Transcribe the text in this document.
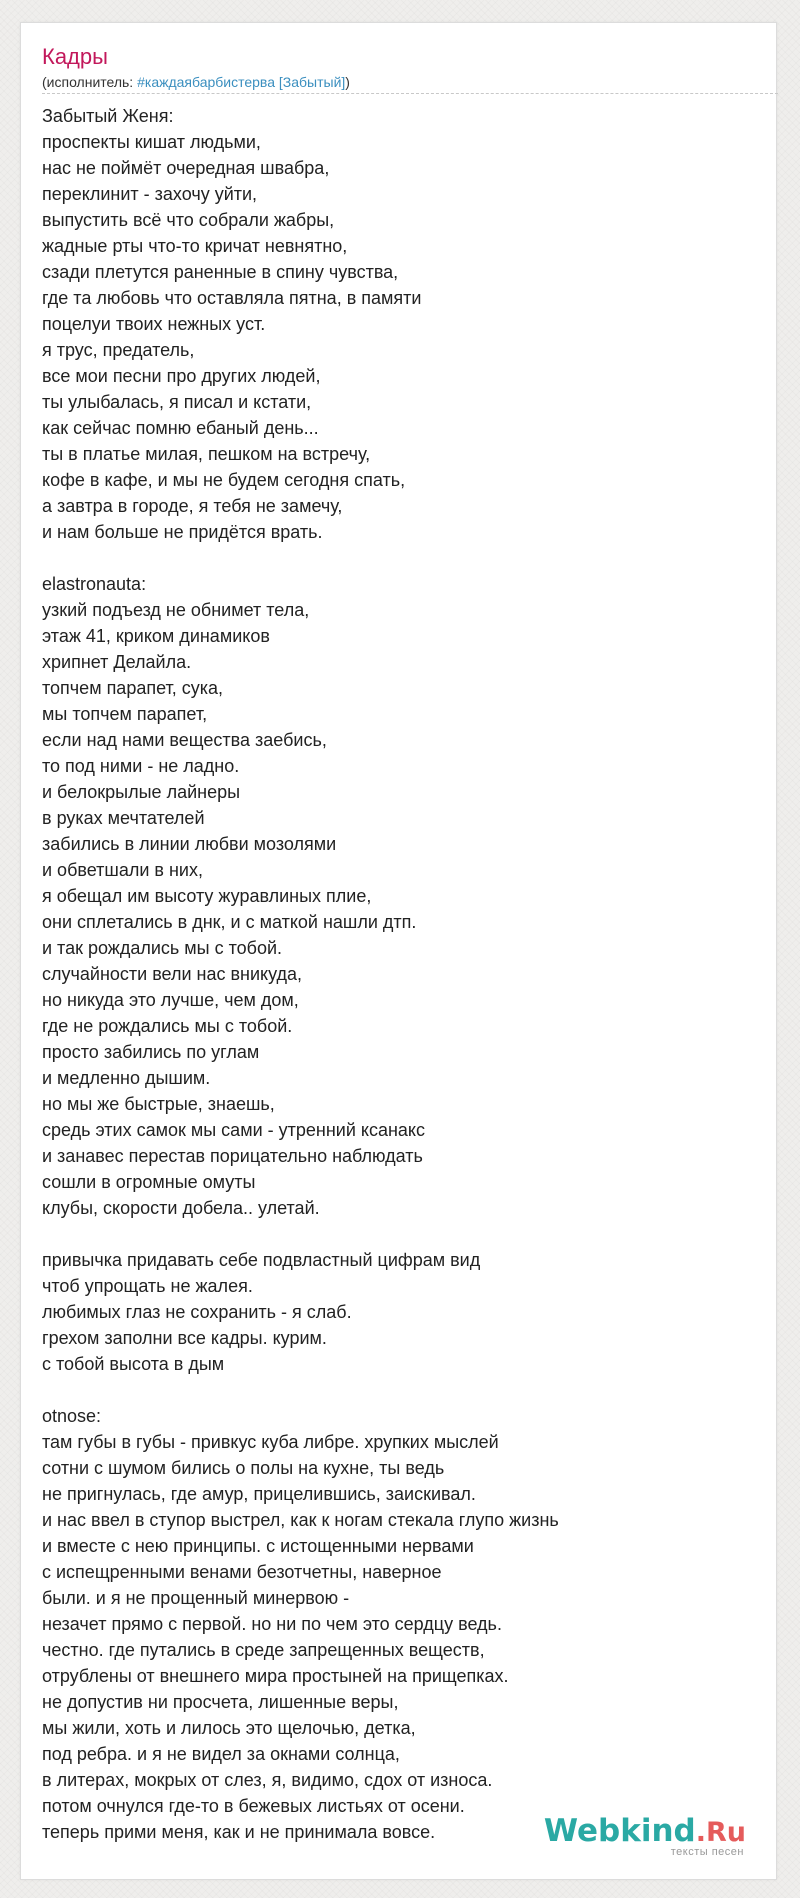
Кадры
(исполнитель: #каждаябарбистерва [Забытый])
Забытый Женя:
проспекты кишат людьми,
нас не поймёт очередная швабра,
переклинит - захочу уйти,
выпустить всё что собрали жабры,
жадные рты что-то кричат невнятно,
сзади плетутся раненные в спину чувства,
где та любовь что оставляла пятна, в памяти
поцелуи твоих нежных уст.
я трус, предатель,
все мои песни про других людей,
ты улыбалась, я писал и кстати,
как сейчас помню ебаный день...
ты в платье милая, пешком на встречу,
кофе в кафе, и мы не будем сегодня спать,
а завтра в городе, я тебя не замечу,
и нам больше не придётся врать.
elastronauta:
узкий подъезд не обнимет тела,
этаж 41, криком динамиков
хрипнет Делайла.
топчем парапет, сука,
мы топчем парапет,
если над нами вещества заебись,
то под ними - не ладно.
и белокрылые лайнеры
в руках мечтателей
забились в линии любви мозолями
и обветшали в них,
я обещал им высоту журавлиных плие,
они сплетались в днк, и с маткой нашли дтп.
и так рождались мы с тобой.
случайности вели нас вникуда,
но никуда это лучше, чем дом,
где не рождались мы с тобой.
просто забились по углам
и медленно дышим.
но мы же быстрые, знаешь,
средь этих самок мы сами - утренний ксанакс
и занавес перестав порицательно наблюдать
сошли в огромные омуты
клубы, скорости добела.. улетай.
привычка придавать себе подвластный цифрам вид
чтоб упрощать не жалея.
любимых глаз не сохранить - я слаб.
грехом заполни все кадры. курим.
с тобой высота в дым
otnose:
там губы в губы - привкус куба либре. хрупких мыслей
сотни с шумом бились о полы на кухне, ты ведь
не пригнулась, где амур, прицелившись, заискивал.
и нас ввел в ступор выстрел, как к ногам стекала глупо жизнь
и вместе с нею принципы. с истощенными нервами
с испещренными венами безотчетны, наверное
были. и я не прощенный минервою -
незачет прямо с первой. но ни по чем это сердцу ведь.
честно. где путались в среде запрещенных веществ,
отрублены от внешнего мира простыней на прищепках.
не допустив ни просчета, лишенные веры,
мы жили, хоть и лилось это щелочью, детка,
под ребра. и я не видел за окнами солнца,
в литерах, мокрых от слез, я, видимо, сдох от износа.
потом очнулся где-то в бежевых листьях от осени.
теперь прими меня, как и не принимала вовсе.	Webkind.Ru
тексты песен
